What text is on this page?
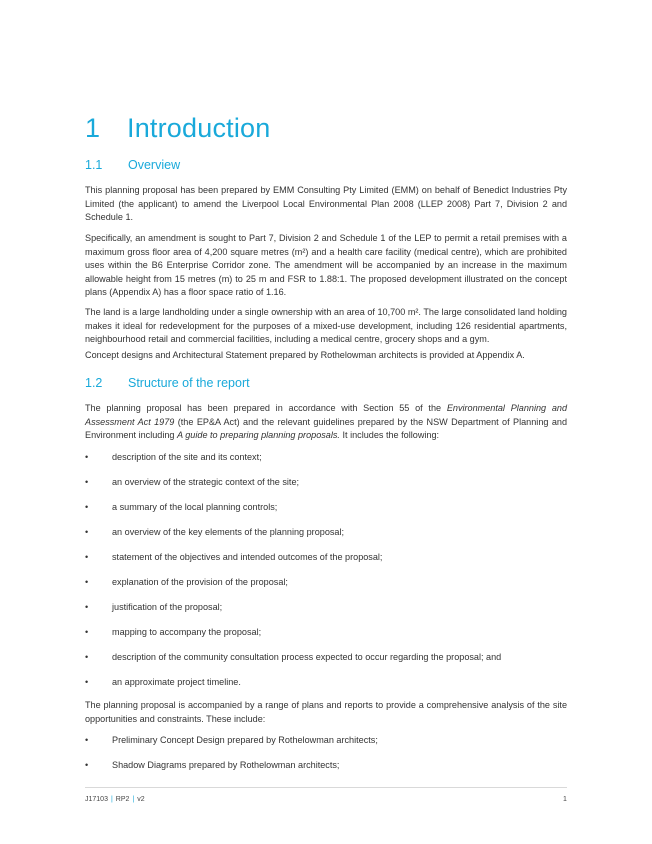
1 Introduction
1.1 Overview

This planning proposal has been prepared by EMM Consulting Pty Limited (EMM) on behalf of Benedict Industries Pty Limited (the applicant) to amend the Liverpool Local Environmental Plan 2008 (LLEP 2008) Part 7, Division 2 and Schedule 1.

Specifically, an amendment is sought to Part 7, Division 2 and Schedule 1 of the LEP to permit a retail premises with a maximum gross floor area of 4,200 square metres (m²) and a health care facility (medical centre), which are prohibited uses within the B6 Enterprise Corridor zone. The amendment will be accompanied by an increase in the maximum allowable height from 15 metres (m) to 25 m and FSR to 1.88:1. The proposed development illustrated on the concept plans (Appendix A) has a floor space ratio of 1.16.

The land is a large landholding under a single ownership with an area of 10,700 m². The large consolidated land holding makes it ideal for redevelopment for the purposes of a mixed-use development, including 126 residential apartments, neighbourhood retail and commercial facilities, including a medical centre, grocery shops and a gym.

Concept designs and Architectural Statement prepared by Rothelowman architects is provided at Appendix A.

1.2 Structure of the report

The planning proposal has been prepared in accordance with Section 55 of the Environmental Planning and Assessment Act 1979 (the EP&A Act) and the relevant guidelines prepared by the NSW Department of Planning and Environment including A guide to preparing planning proposals. It includes the following:

•	description of the site and its context;
•	an overview of the strategic context of the site;
•	a summary of the local planning controls;
•	an overview of the key elements of the planning proposal;
•	statement of the objectives and intended outcomes of the proposal;
•	explanation of the provision of the proposal;
•	justification of the proposal;
•	mapping to accompany the proposal;
•	description of the community consultation process expected to occur regarding the proposal; and
•	an approximate project timeline.

The planning proposal is accompanied by a range of plans and reports to provide a comprehensive analysis of the site opportunities and constraints. These include:

•	Preliminary Concept Design prepared by Rothelowman architects;
•	Shadow Diagrams prepared by Rothelowman architects;
J17103 | RP2 | v2	1
